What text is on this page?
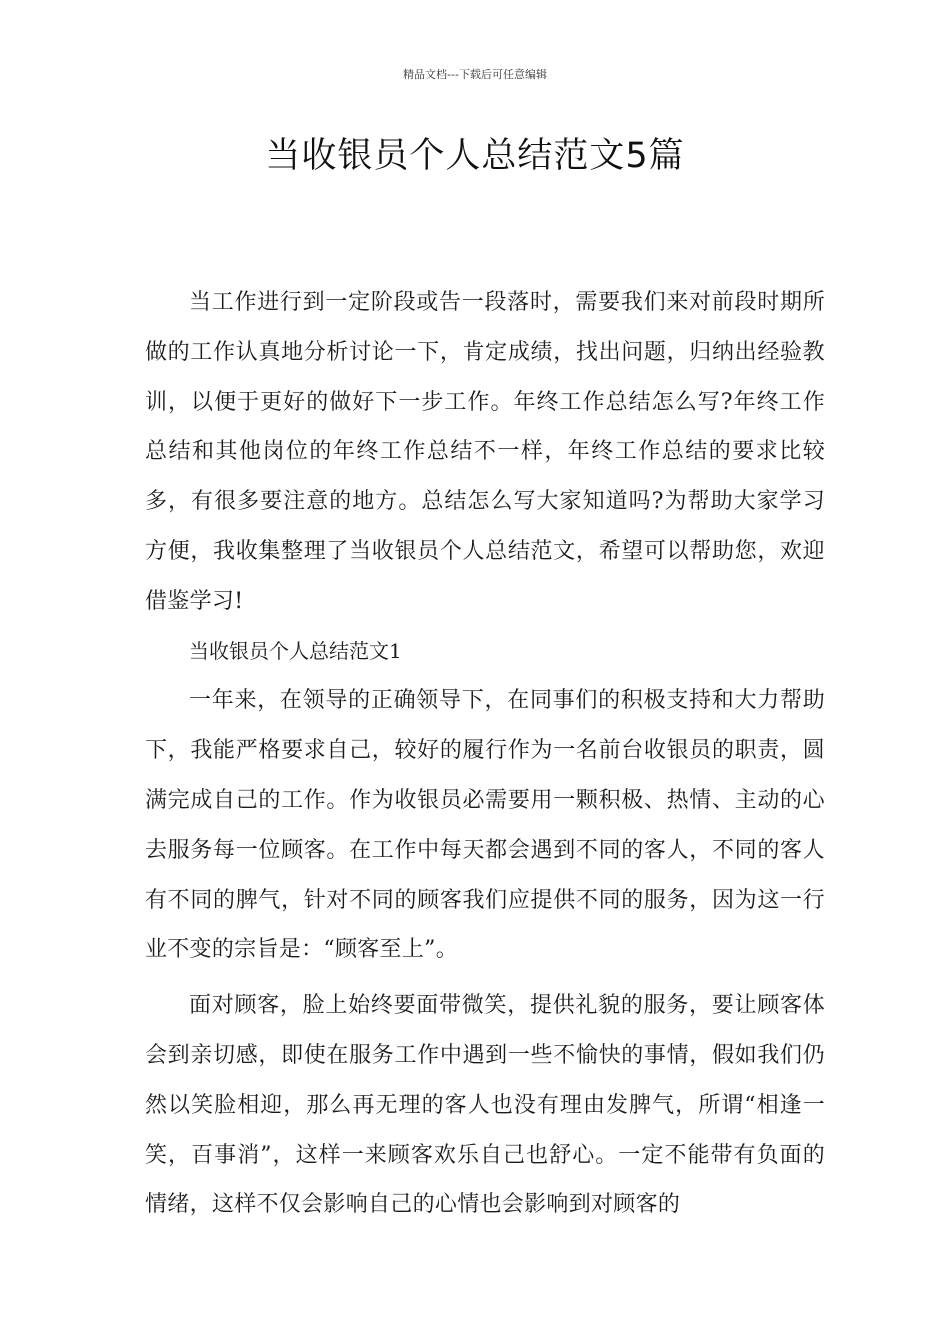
精品文档---下载后可任意编辑
当收银员个人总结范文5篇

当工作进行到一定阶段或告一段落时，需要我们来对前段时期所做的工作认真地分析讨论一下，肯定成绩，找出问题，归纳出经验教训，以便于更好的做好下一步工作。年终工作总结怎么写?年终工作总结和其他岗位的年终工作总结不一样，年终工作总结的要求比较多，有很多要注意的地方。总结怎么写大家知道吗?为帮助大家学习方便，我收集整理了当收银员个人总结范文，希望可以帮助您，欢迎借鉴学习!

当收银员个人总结范文1

一年来，在领导的正确领导下，在同事们的积极支持和大力帮助下，我能严格要求自己，较好的履行作为一名前台收银员的职责，圆满完成自己的工作。作为收银员必需要用一颗积极、热情、主动的心去服务每一位顾客。在工作中每天都会遇到不同的客人，不同的客人有不同的脾气，针对不同的顾客我们应提供不同的服务，因为这一行业不变的宗旨是：“顾客至上”。

面对顾客，脸上始终要面带微笑，提供礼貌的服务，要让顾客体会到亲切感，即使在服务工作中遇到一些不愉快的事情，假如我们仍然以笑脸相迎，那么再无理的客人也没有理由发脾气，所谓“相逢一笑，百事消”，这样一来顾客欢乐自己也舒心。一定不能带有负面的情绪，这样不仅会影响自己的心情也会影响到对顾客的
